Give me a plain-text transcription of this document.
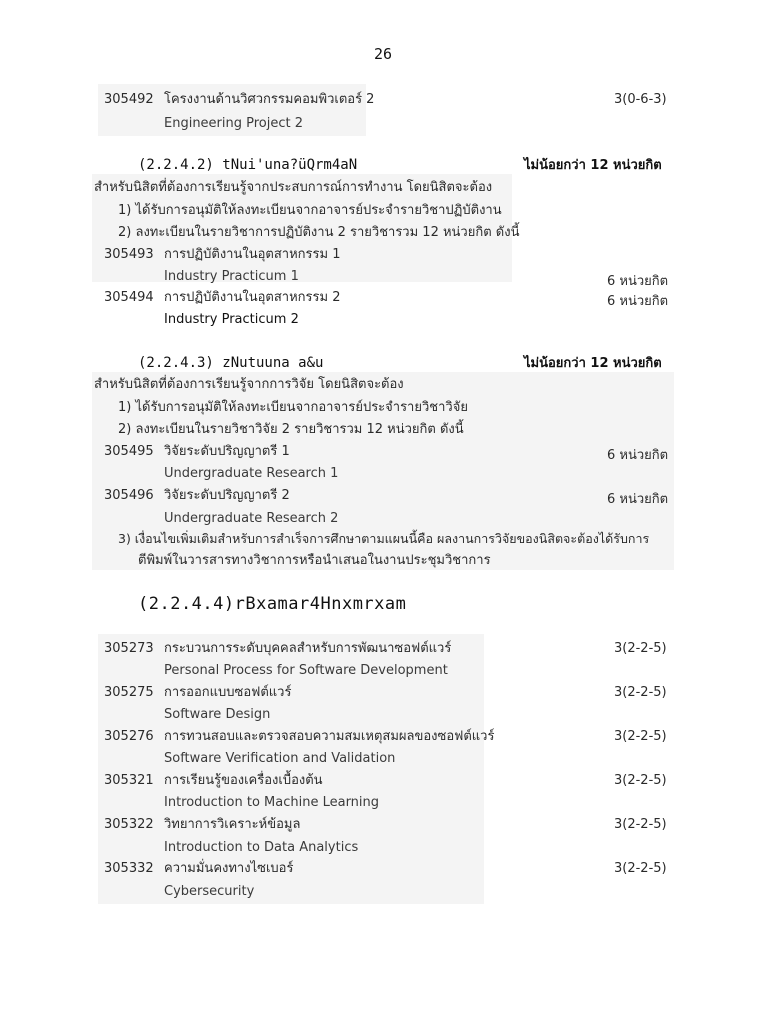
26
305492 โครงงานด้านวิศวกรรมคอมพิวเตอร์ 2
Engineering Project 2
3(0-6-3)
(2.2.4.2) tNui'una?üQrm4aN	ไม่น้อยกว่า 12 หน่วยกิต
สำหรับนิสิตที่ต้องการเรียนรู้จากประสบการณ์การทำงาน โดยนิสิตจะต้อง
1) ได้รับการอนุมัติให้ลงทะเบียนจากอาจารย์ประจำรายวิชาปฏิบัติงาน
2) ลงทะเบียนในรายวิชาการปฏิบัติงาน 2 รายวิชารวม 12 หน่วยกิต ดังนี้
305493 การปฏิบัติงานในอุตสาหกรรม 1
Industry Practicum 1	6 หน่วยกิต
305494 การปฏิบัติงานในอุตสาหกรรม 2
Industry Practicum 2
6 หน่วยกิต
(2.2.4.3) zNutuuna a&u	ไม่น้อยกว่า 12 หน่วยกิต
สำหรับนิสิตที่ต้องการเรียนรู้จากการวิจัย โดยนิสิตจะต้อง
1) ได้รับการอนุมัติให้ลงทะเบียนจากอาจารย์ประจำรายวิชาวิจัย
2) ลงทะเบียนในรายวิชาวิจัย 2 รายวิชารวม 12 หน่วยกิต ดังนี้
305495 วิจัยระดับปริญญาตรี 1
Undergraduate Research 1
6 หน่วยกิต
305496 วิจัยระดับปริญญาตรี 2
Undergraduate Research 2
6 หน่วยกิต
3) เงื่อนไขเพิ่มเติมสำหรับการสำเร็จการศึกษาตามแผนนี้คือ ผลงานการวิจัยของนิสิตจะต้องได้รับการ
ตีพิมพ์ในวารสารทางวิชาการหรือนำเสนอในงานประชุมวิชาการ
(2.2.4.4)rBxamar4Hnxmrxam
305273 กระบวนการระดับบุคคลสำหรับการพัฒนาซอฟต์แวร์
Personal Process for Software Development
3(2-2-5)
305275 การออกแบบซอฟต์แวร์
Software Design
3(2-2-5)
305276 การทวนสอบและตรวจสอบความสมเหตุสมผลของซอฟต์แวร์
Software Verification and Validation
3(2-2-5)
305321 การเรียนรู้ของเครื่องเบื้องต้น
Introduction to Machine Learning
3(2-2-5)
305322 วิทยาการวิเคราะห์ข้อมูล
Introduction to Data Analytics
3(2-2-5)
305332 ความมั่นคงทางไซเบอร์
Cybersecurity
3(2-2-5)
